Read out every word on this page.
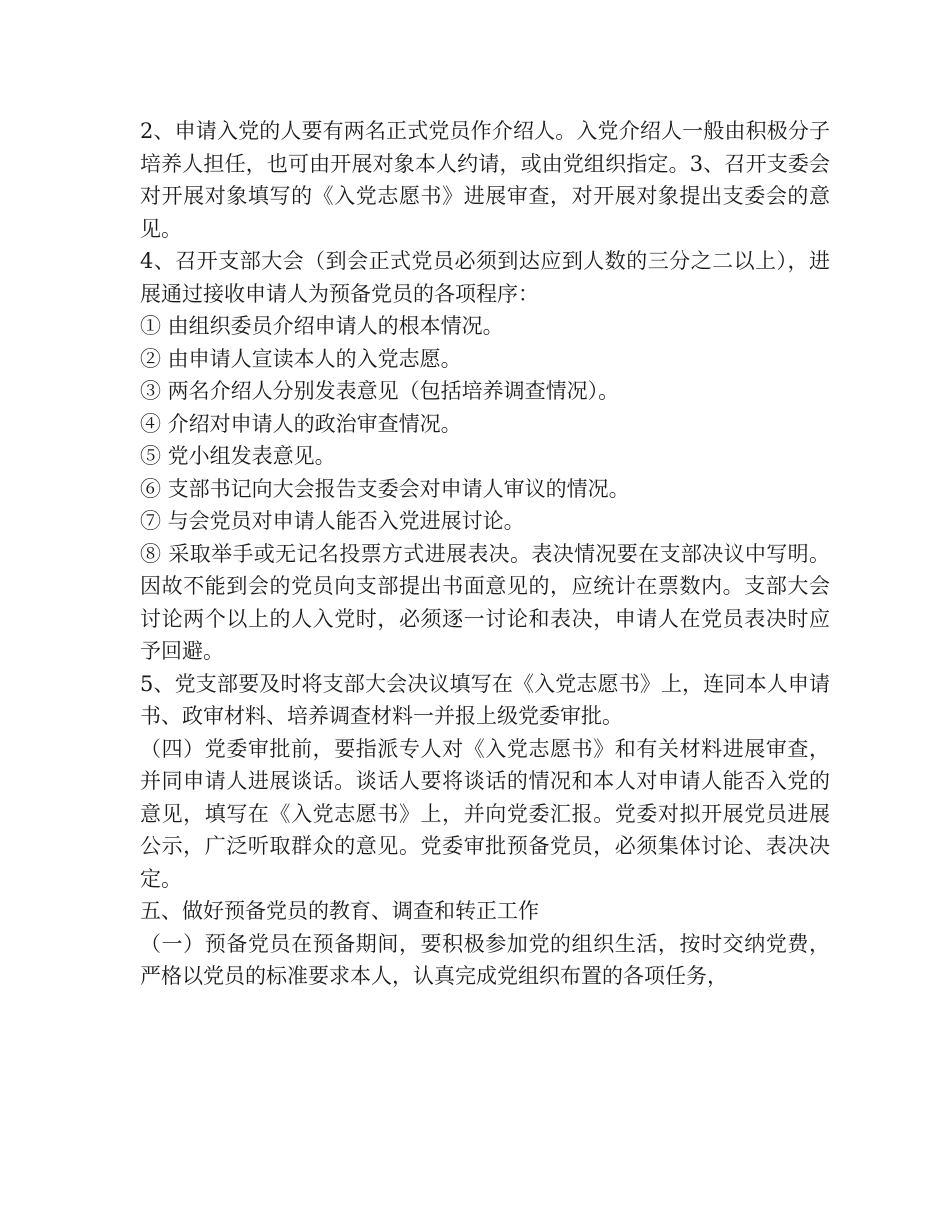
2、申请入党的人要有两名正式党员作介绍人。入党介绍人一般由积极分子培养人担任，也可由开展对象本人约请，或由党组织指定。3、召开支委会对开展对象填写的《入党志愿书》进展审查，对开展对象提出支委会的意见。

4、召开支部大会（到会正式党员必须到达应到人数的三分之二以上），进展通过接收申请人为预备党员的各项程序：

① 由组织委员介绍申请人的根本情况。

② 由申请人宣读本人的入党志愿。

③ 两名介绍人分别发表意见（包括培养调查情况）。

④ 介绍对申请人的政治审查情况。

⑤ 党小组发表意见。

⑥ 支部书记向大会报告支委会对申请人审议的情况。

⑦ 与会党员对申请人能否入党进展讨论。

⑧ 采取举手或无记名投票方式进展表决。表决情况要在支部决议中写明。因故不能到会的党员向支部提出书面意见的，应统计在票数内。支部大会讨论两个以上的人入党时，必须逐一讨论和表决，申请人在党员表决时应予回避。

5、党支部要及时将支部大会决议填写在《入党志愿书》上，连同本人申请书、政审材料、培养调查材料一并报上级党委审批。

（四）党委审批前，要指派专人对《入党志愿书》和有关材料进展审查，并同申请人进展谈话。谈话人要将谈话的情况和本人对申请人能否入党的意见，填写在《入党志愿书》上，并向党委汇报。党委对拟开展党员进展公示，广泛听取群众的意见。党委审批预备党员，必须集体讨论、表决决定。

五、做好预备党员的教育、调查和转正工作

（一）预备党员在预备期间，要积极参加党的组织生活，按时交纳党费，严格以党员的标准要求本人，认真完成党组织布置的各项任务，
